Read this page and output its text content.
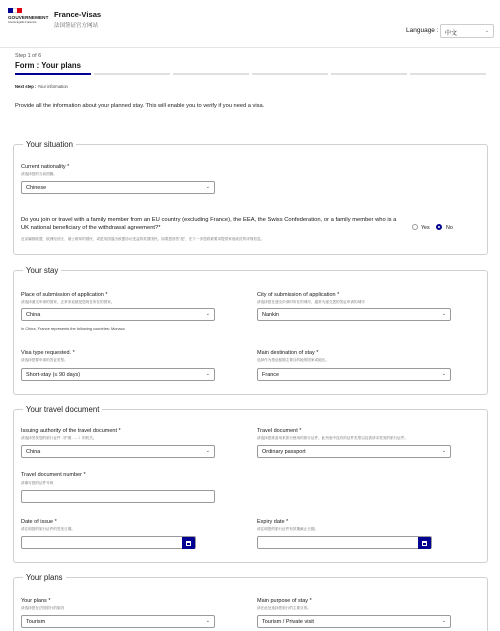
GOUVERNEMENT
Liberté Égalité Fraternité
France-Visas
法国签证官方网站
Language :	中文	⌄
Step 1 of 6
Form : Your plans
Next step : Your information
Provide all the information about your planned stay. This will enable you to verify if you need a visa.
Your situation
Current nationality *
请选择您的当前国籍。
Chinese	⌄
Do you join or travel with a family member from an EU country (excluding France), the EEA, the Swiss Confederation, or a family member who is a UK national beneficiary of the withdrawal agreement?*
近亲属指欧盟、欧洲经济区、瑞士联邦的国民、或是英国退出欧盟协议受益的英国国民。如果您回答“是”，在下一步您将被要求提供家庭成员的详细信息。
Yes	No
Your stay
Place of submission of application *
请选择递交申请的国家，正常来说就是您现在所在的国家。
China	⌄
In China, France represents the following countries: Monaco
City of submission of application *
请选择您在递交申请时所在的城市，通常为递交您的签证申请的城市
Nankin	⌄
Visa type requested. *
请选择您要申请的签证类型。
Short-stay (≤ 90 days)	⌄
Main destination of stay *
选择作为您逗留期主要目的地的国家或地区。
France	⌄
Your travel document
Issuing authority of the travel document *
请选择签发您的旅行证件（护照……）的机关。
China	⌄
Travel document *
请选择您准备用来旅行使用的旅行证件。此列表中没有的证件类型以及需请求签发的旅行证件。
Ordinary passport	⌄
Travel document number *
请填写您的证件号码
Date of issue *
请注明您的旅行证件的签发日期。
Expiry date *
请注明您的旅行证件有效期截止日期。
Your plans
Your plans *
请选择您在法国旅行的原因
Tourism	⌄
Main purpose of stay *
请在此处选择您旅行的主要目的。
Tourism / Private visit	⌄
